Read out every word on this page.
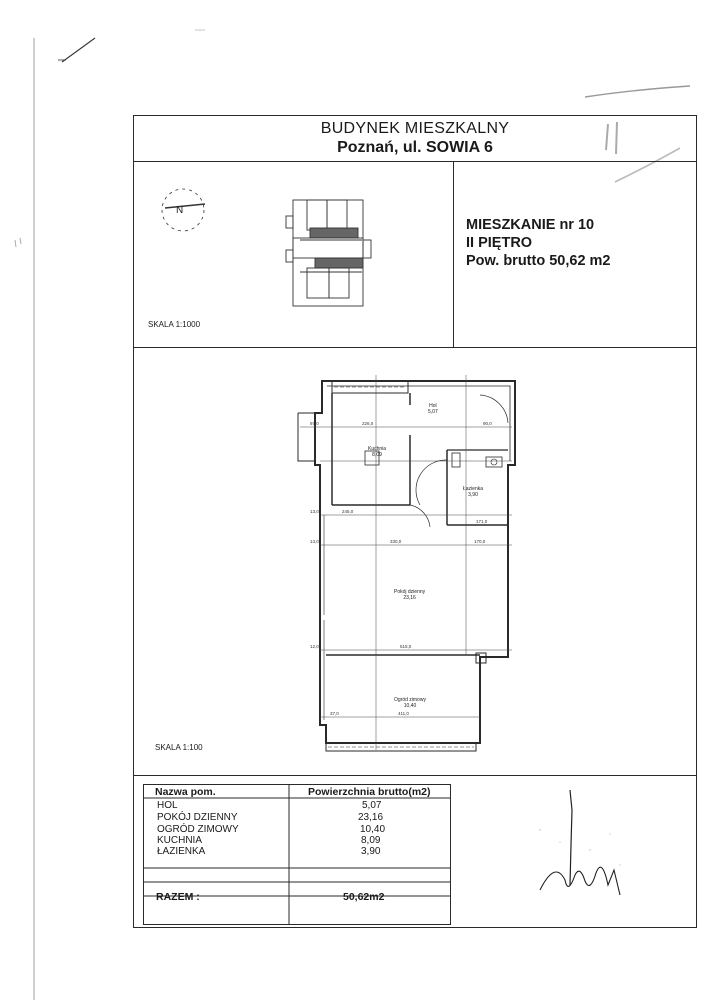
BUDYNEK MIESZKALNY
Poznań, ul. SOWIA 6
MIESZKANIE nr 10
II PIĘTRO
Pow. brutto 50,62 m2
N
SKALA 1:1000
97,0	226,0	90,0
245,0
330,0	170,0
171,0
515,0
411,0
37,0
12,0
13,0
13,0
Hol
5,07
Kuchnia
8,09
Łazienka
3,90
Pokój dzienny
23,16
Ogród zimowy
10,40
SKALA 1:100
Nazwa pom.	Powierzchnia brutto(m2)
HOL	5,07
POKÓJ DZIENNY	23,16
OGRÓD ZIMOWY	10,40
KUCHNIA	8,09
ŁAZIENKA	3,90
RAZEM :	50,62m2
